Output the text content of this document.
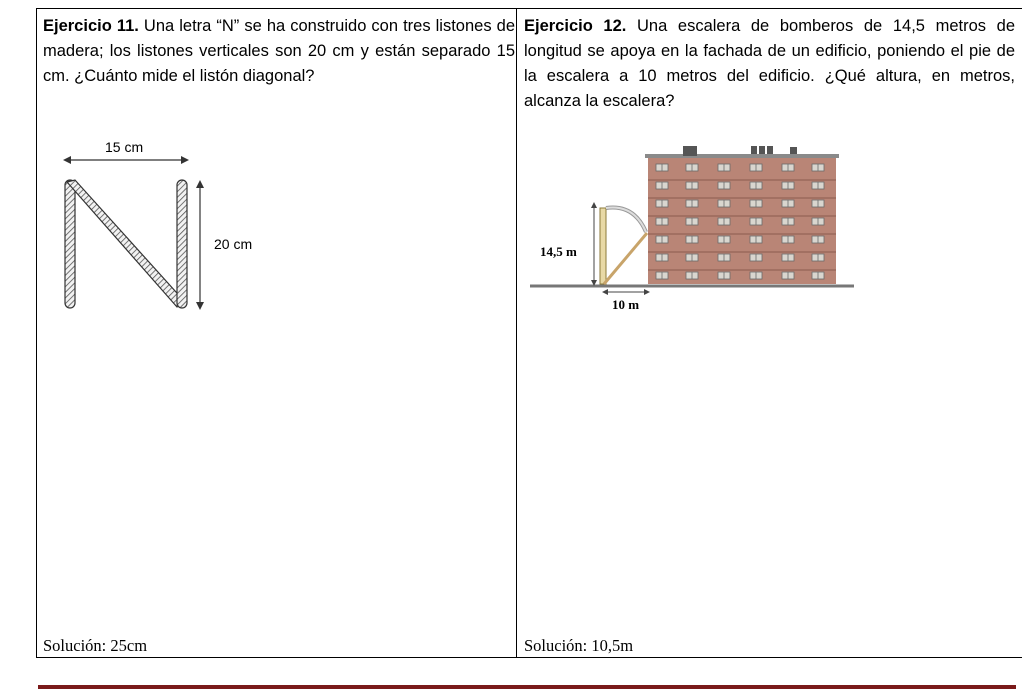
Ejercicio 11. Una letra “N” se ha construido con tres listones de madera; los listones verticales son 20 cm y están separado 15 cm. ¿Cuánto mide el listón diagonal?

15 cm
20 cm

Solución: 25cm

Ejercicio 12. Una escalera de bomberos de 14,5 metros de longitud se apoya en la fachada de un edificio, poniendo el pie de la escalera a 10 metros del edificio. ¿Qué altura, en metros, alcanza la escalera?

14,5 m
10 m

Solución: 10,5m
